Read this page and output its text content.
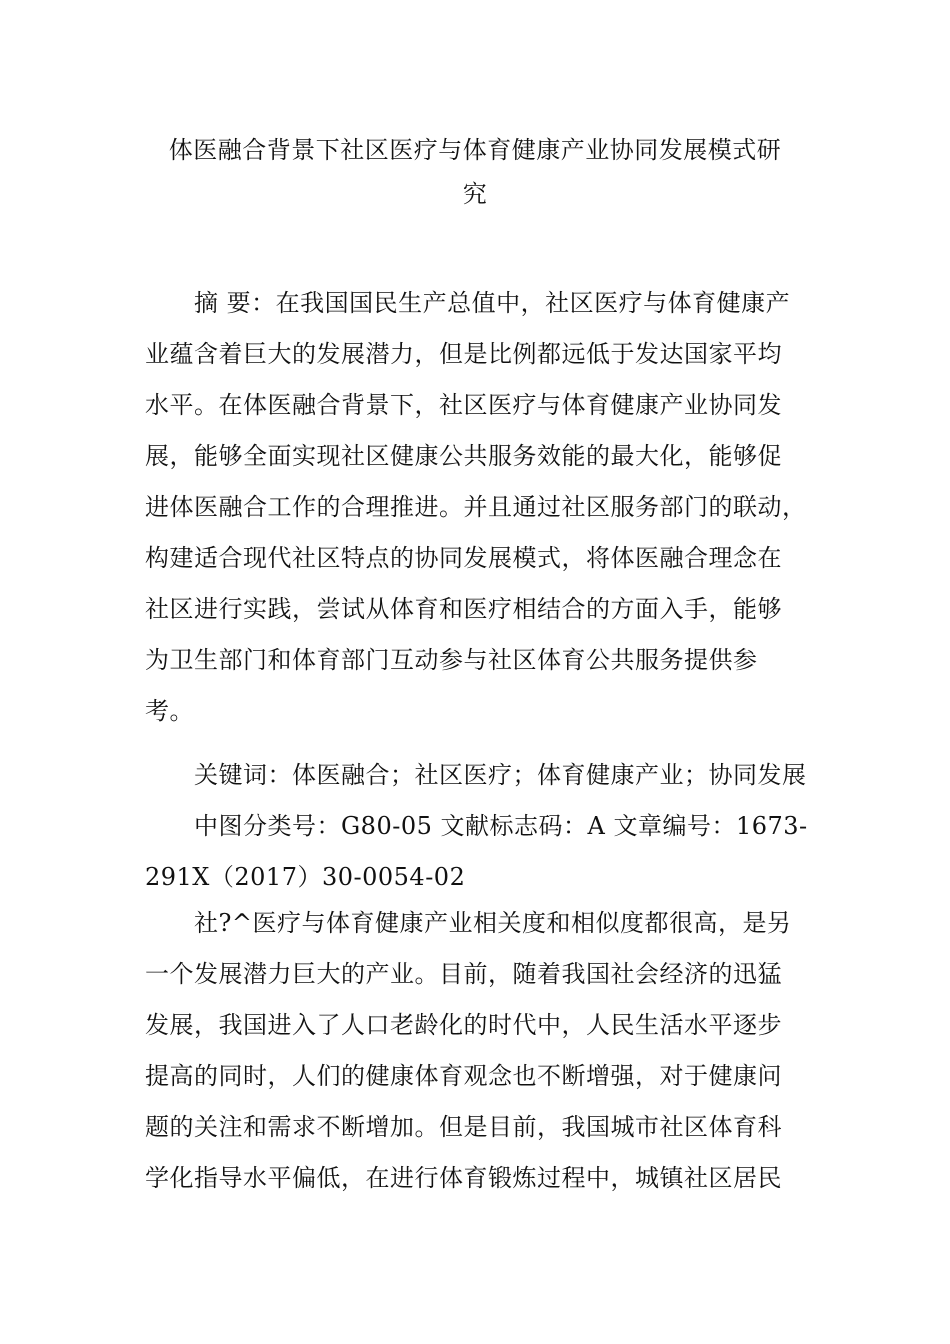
体医融合背景下社区医疗与体育健康产业协同发展模式研
究
　　摘 要：在我国国民生产总值中，社区医疗与体育健康产
业蕴含着巨大的发展潜力，但是比例都远低于发达国家平均
水平。在体医融合背景下，社区医疗与体育健康产业协同发
展，能够全面实现社区健康公共服务效能的最大化，能够促
进体医融合工作的合理推进。并且通过社区服务部门的联动，
构建适合现代社区特点的协同发展模式，将体医融合理念在
社区进行实践，尝试从体育和医疗相结合的方面入手，能够
为卫生部门和体育部门互动参与社区体育公共服务提供参
考。
　　关键词：体医融合；社区医疗；体育健康产业；协同发展
　　中图分类号：G80-05 文献标志码：A 文章编号：1673-
291X（2017）30-0054-02
　　社?^医疗与体育健康产业相关度和相似度都很高，是另
一个发展潜力巨大的产业。目前，随着我国社会经济的迅猛
发展，我国进入了人口老龄化的时代中，人民生活水平逐步
提高的同时，人们的健康体育观念也不断增强，对于健康问
题的关注和需求不断增加。但是目前，我国城市社区体育科
学化指导水平偏低，在进行体育锻炼过程中，城镇社区居民
